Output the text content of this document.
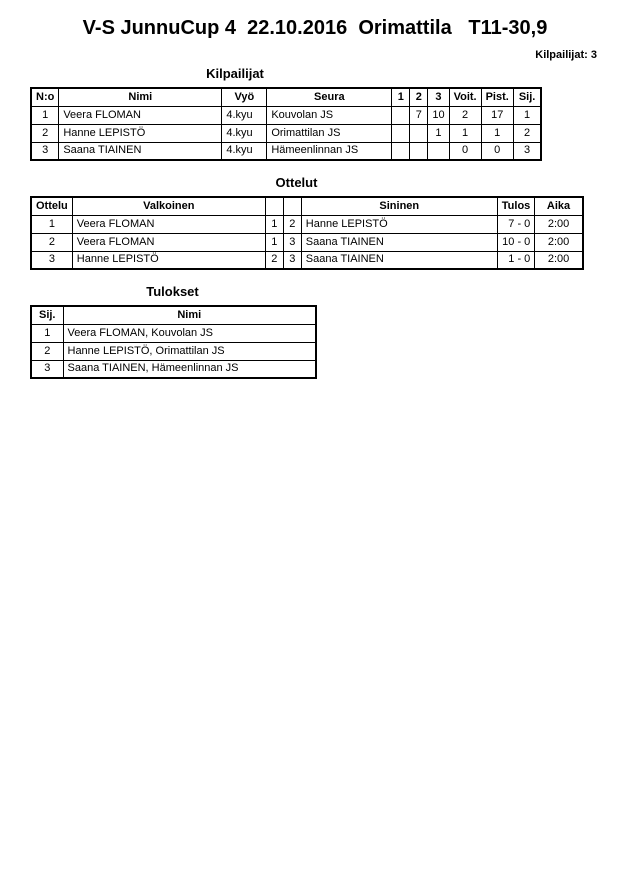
V-S JunnuCup 4  22.10.2016  Orimattila   T11-30,9
Kilpailijat: 3
Kilpailijat
N:o	Nimi	Vyö	Seura	1	2	3	Voit.	Pist.	Sij.
1	Veera FLOMAN	4.kyu	Kouvolan JS		7	10	2	17	1
2	Hanne LEPISTÖ	4.kyu	Orimattilan JS			1	1	1	2
3	Saana TIAINEN	4.kyu	Hämeenlinnan JS				0	0	3
Ottelut
Ottelu	Valkoinen			Sininen	Tulos	Aika
1	Veera FLOMAN	1	2	Hanne LEPISTÖ	7 - 0	2:00
2	Veera FLOMAN	1	3	Saana TIAINEN	10 - 0	2:00
3	Hanne LEPISTÖ	2	3	Saana TIAINEN	1 - 0	2:00
Tulokset
Sij.	Nimi
1	Veera FLOMAN, Kouvolan JS
2	Hanne LEPISTÖ, Orimattilan JS
3	Saana TIAINEN, Hämeenlinnan JS
